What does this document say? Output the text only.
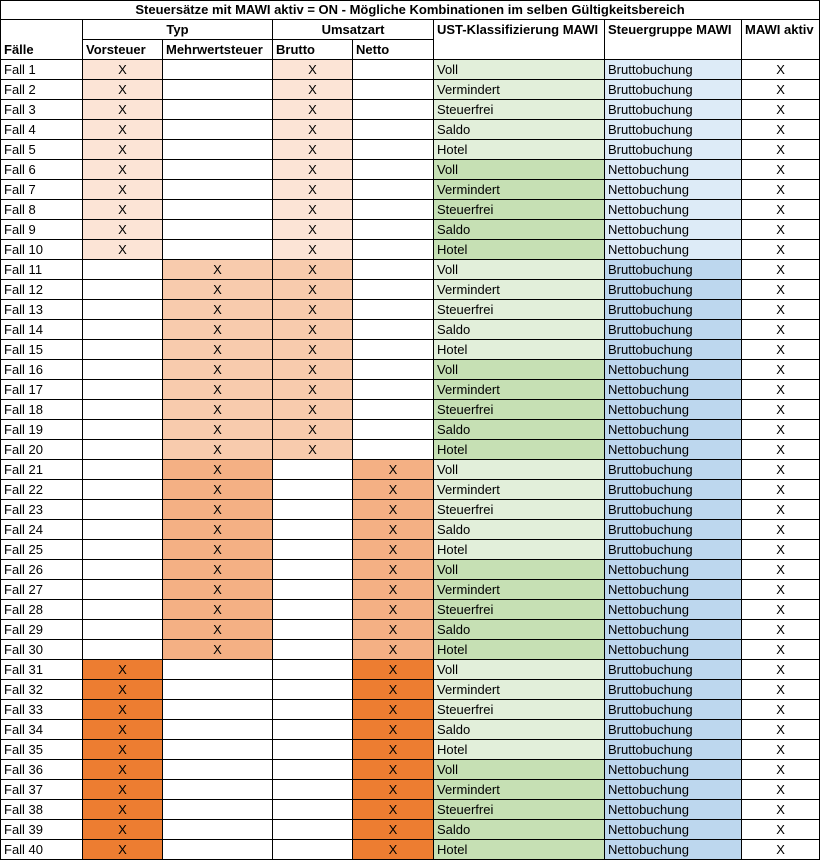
Steuersätze mit MAWI aktiv = ON - Mögliche Kombinationen im selben Gültigkeitsbereich							
Fälle	Typ		Umsatzart		UST-Klassifizierung MAWI	Steuergruppe MAWI	MAWI aktiv
	Vorsteuer	Mehrwertsteuer	Brutto	Netto			
Fall 1	X		X		Voll	Bruttobuchung	X
Fall 2	X		X		Vermindert	Bruttobuchung	X
Fall 3	X		X		Steuerfrei	Bruttobuchung	X
Fall 4	X		X		Saldo	Bruttobuchung	X
Fall 5	X		X		Hotel	Bruttobuchung	X
Fall 6	X		X		Voll	Nettobuchung	X
Fall 7	X		X		Vermindert	Nettobuchung	X
Fall 8	X		X		Steuerfrei	Nettobuchung	X
Fall 9	X		X		Saldo	Nettobuchung	X
Fall 10	X		X		Hotel	Nettobuchung	X
Fall 11		X	X		Voll	Bruttobuchung	X
Fall 12		X	X		Vermindert	Bruttobuchung	X
Fall 13		X	X		Steuerfrei	Bruttobuchung	X
Fall 14		X	X		Saldo	Bruttobuchung	X
Fall 15		X	X		Hotel	Bruttobuchung	X
Fall 16		X	X		Voll	Nettobuchung	X
Fall 17		X	X		Vermindert	Nettobuchung	X
Fall 18		X	X		Steuerfrei	Nettobuchung	X
Fall 19		X	X		Saldo	Nettobuchung	X
Fall 20		X	X		Hotel	Nettobuchung	X
Fall 21		X		X	Voll	Bruttobuchung	X
Fall 22		X		X	Vermindert	Bruttobuchung	X
Fall 23		X		X	Steuerfrei	Bruttobuchung	X
Fall 24		X		X	Saldo	Bruttobuchung	X
Fall 25		X		X	Hotel	Bruttobuchung	X
Fall 26		X		X	Voll	Nettobuchung	X
Fall 27		X		X	Vermindert	Nettobuchung	X
Fall 28		X		X	Steuerfrei	Nettobuchung	X
Fall 29		X		X	Saldo	Nettobuchung	X
Fall 30		X		X	Hotel	Nettobuchung	X
Fall 31	X			X	Voll	Bruttobuchung	X
Fall 32	X			X	Vermindert	Bruttobuchung	X
Fall 33	X			X	Steuerfrei	Bruttobuchung	X
Fall 34	X			X	Saldo	Bruttobuchung	X
Fall 35	X			X	Hotel	Bruttobuchung	X
Fall 36	X			X	Voll	Nettobuchung	X
Fall 37	X			X	Vermindert	Nettobuchung	X
Fall 38	X			X	Steuerfrei	Nettobuchung	X
Fall 39	X			X	Saldo	Nettobuchung	X
Fall 40	X			X	Hotel	Nettobuchung	X
